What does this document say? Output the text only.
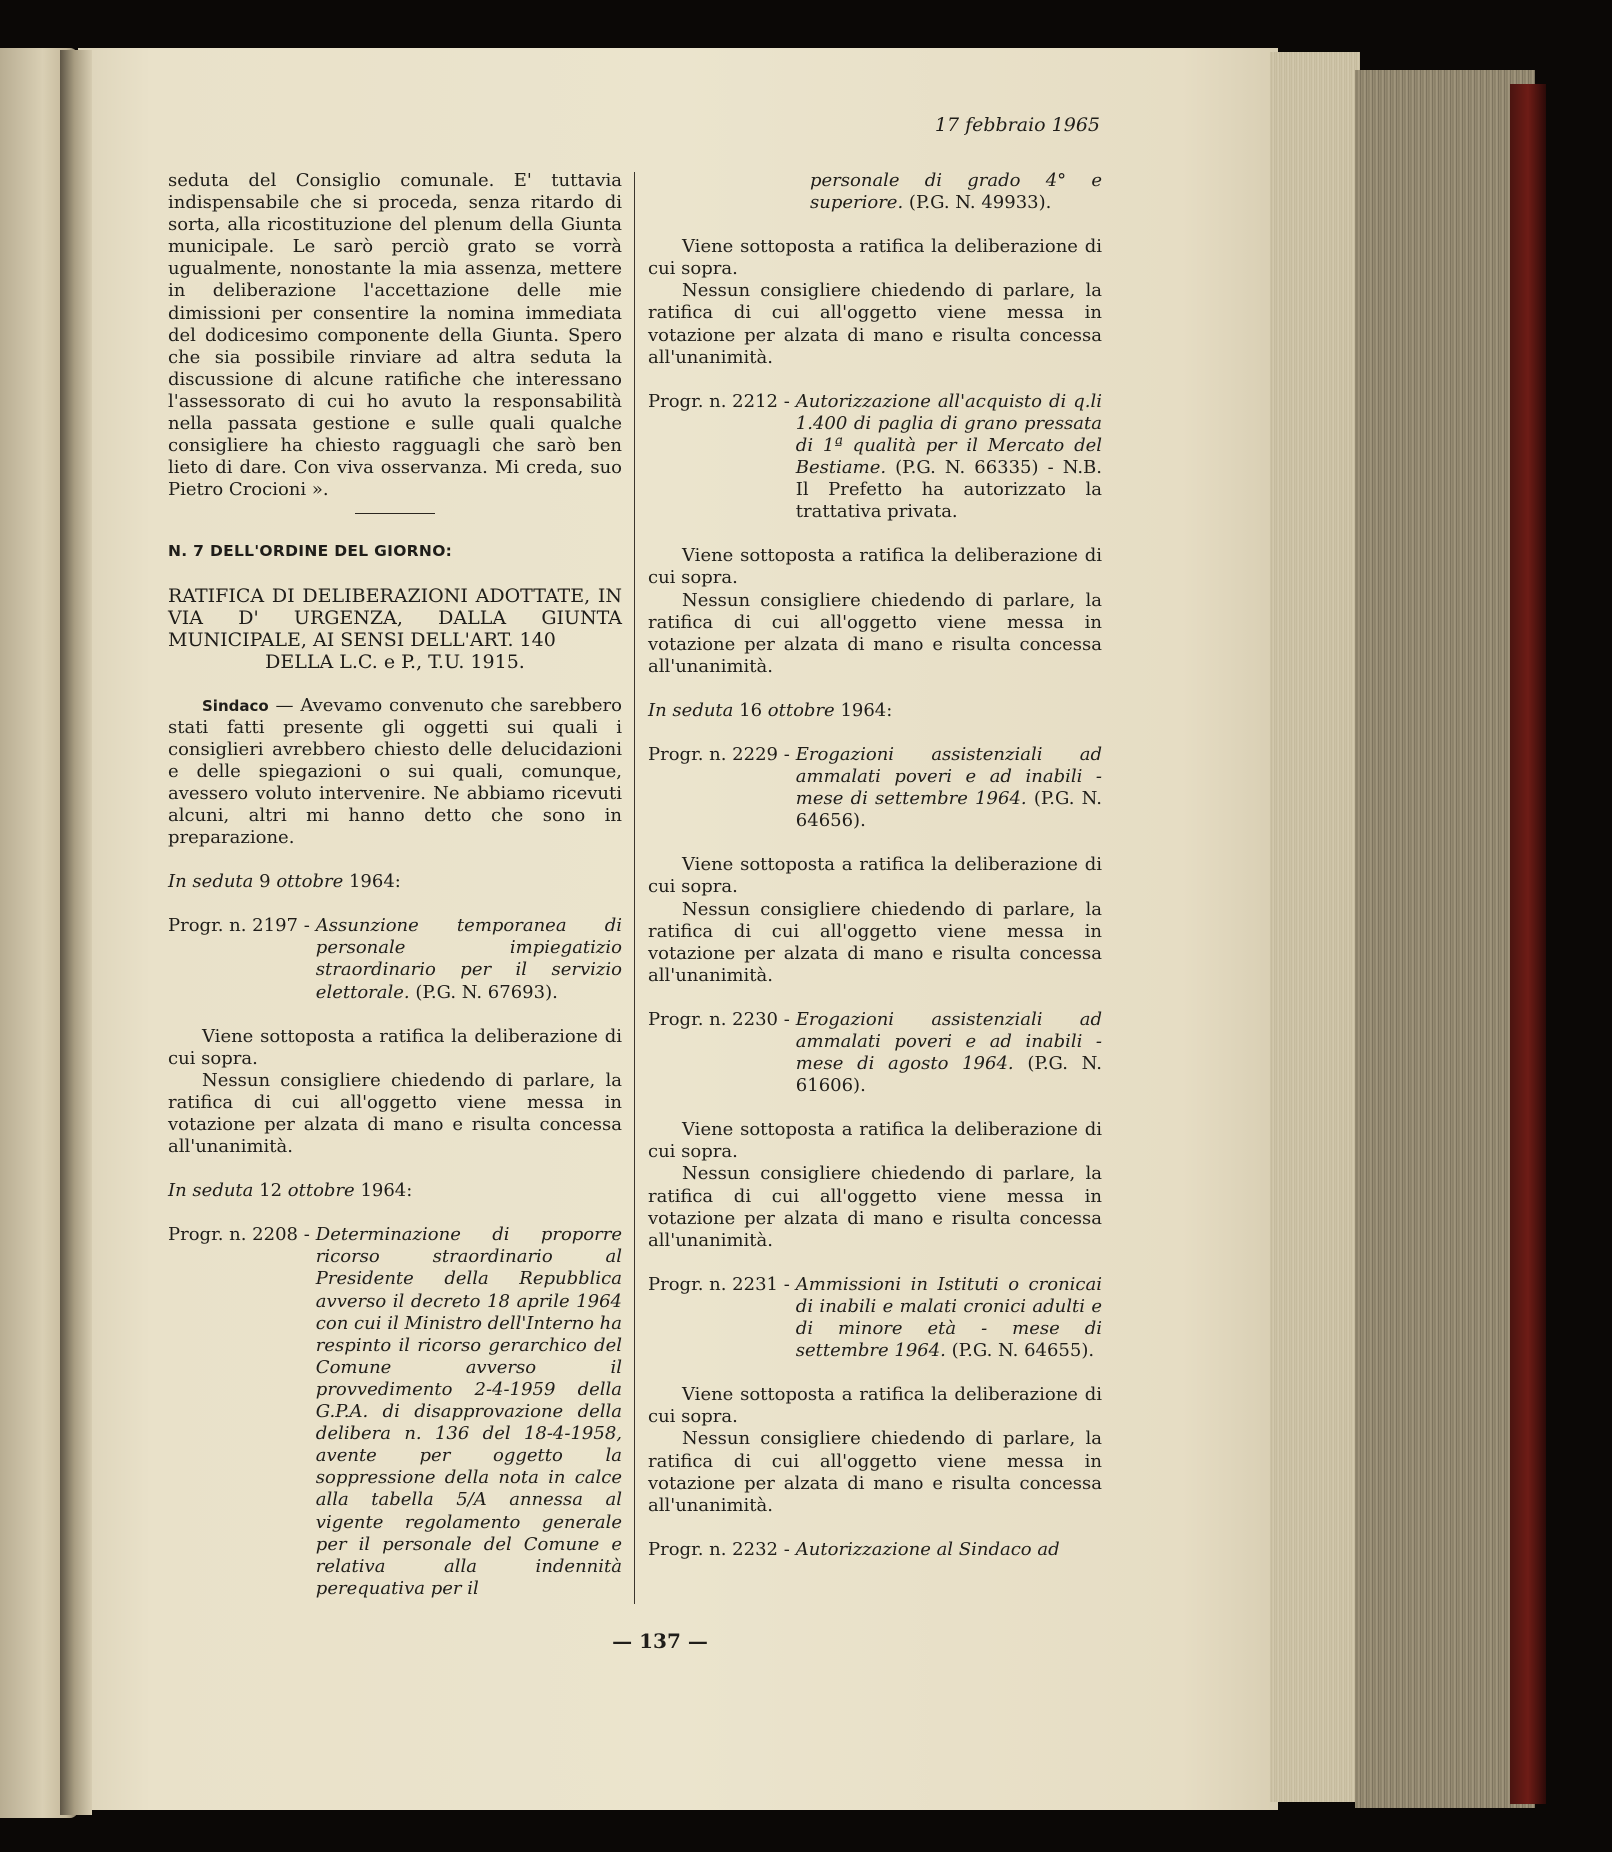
17 febbraio 1965

seduta del Consiglio comunale. E' tuttavia indispensabile che si proceda, senza ritardo di sorta, alla ricostituzione del plenum della Giunta municipale. Le sarò perciò grato se vorrà ugualmente, nonostante la mia assenza, mettere in deliberazione l'accettazione delle mie dimissioni per consentire la nomina immediata del dodicesimo componente della Giunta. Spero che sia possibile rinviare ad altra seduta la discussione di alcune ratifiche che interessano l'assessorato di cui ho avuto la responsabilità nella passata gestione e sulle quali qualche consigliere ha chiesto ragguagli che sarò ben lieto di dare. Con viva osservanza. Mi creda, suo Pietro Crocioni ».

N. 7 DELL'ORDINE DEL GIORNO:
RATIFICA DI DELIBERAZIONI ADOTTATE, IN VIA D' URGENZA, DALLA GIUNTA MUNICIPALE, AI SENSI DELL'ART. 140
DELLA L.C. e P., T.U. 1915.

Sindaco — Avevamo convenuto che sarebbero stati fatti presente gli oggetti sui quali i consiglieri avrebbero chiesto delle delucidazioni e delle spiegazioni o sui quali, comunque, avessero voluto intervenire. Ne abbiamo ricevuti alcuni, altri mi hanno detto che sono in preparazione.

In seduta 9 ottobre 1964:
Progr. n. 2197 - Assunzione temporanea di personale impiegatizio straordinario per il servizio elettorale. (P.G. N. 67693).

Viene sottoposta a ratifica la deliberazione di cui sopra.

Nessun consigliere chiedendo di parlare, la ratifica di cui all'oggetto viene messa in votazione per alzata di mano e risulta concessa all'unanimità.

In seduta 12 ottobre 1964:
Progr. n. 2208 - Determinazione di proporre ricorso straordinario al Presidente della Repubblica avverso il decreto 18 aprile 1964 con cui il Ministro dell'Interno ha respinto il ricorso gerarchico del Comune avverso il provvedimento 2-4-1959 della G.P.A. di disapprovazione della delibera n. 136 del 18-4-1958, avente per oggetto la soppressione della nota in calce alla tabella 5/A annessa al vigente regolamento generale per il personale del Comune e relativa alla indennità perequativa per il
personale di grado 4° e superiore. (P.G. N. 49933).

Viene sottoposta a ratifica la deliberazione di cui sopra.

Nessun consigliere chiedendo di parlare, la ratifica di cui all'oggetto viene messa in votazione per alzata di mano e risulta concessa all'unanimità.

Progr. n. 2212 - Autorizzazione all'acquisto di q.li 1.400 di paglia di grano pressata di 1ª qualità per il Mercato del Bestiame. (P.G. N. 66335) - N.B. Il Prefetto ha autorizzato la trattativa privata.

Viene sottoposta a ratifica la deliberazione di cui sopra.

Nessun consigliere chiedendo di parlare, la ratifica di cui all'oggetto viene messa in votazione per alzata di mano e risulta concessa all'unanimità.

In seduta 16 ottobre 1964:
Progr. n. 2229 - Erogazioni assistenziali ad ammalati poveri e ad inabili - mese di settembre 1964. (P.G. N. 64656).

Viene sottoposta a ratifica la deliberazione di cui sopra.

Nessun consigliere chiedendo di parlare, la ratifica di cui all'oggetto viene messa in votazione per alzata di mano e risulta concessa all'unanimità.

Progr. n. 2230 - Erogazioni assistenziali ad ammalati poveri e ad inabili - mese di agosto 1964. (P.G. N. 61606).

Viene sottoposta a ratifica la deliberazione di cui sopra.

Nessun consigliere chiedendo di parlare, la ratifica di cui all'oggetto viene messa in votazione per alzata di mano e risulta concessa all'unanimità.

Progr. n. 2231 - Ammissioni in Istituti o cronicai di inabili e malati cronici adulti e di minore età - mese di settembre 1964. (P.G. N. 64655).

Viene sottoposta a ratifica la deliberazione di cui sopra.

Nessun consigliere chiedendo di parlare, la ratifica di cui all'oggetto viene messa in votazione per alzata di mano e risulta concessa all'unanimità.

Progr. n. 2232 - Autorizzazione al Sindaco ad
— 137 —
